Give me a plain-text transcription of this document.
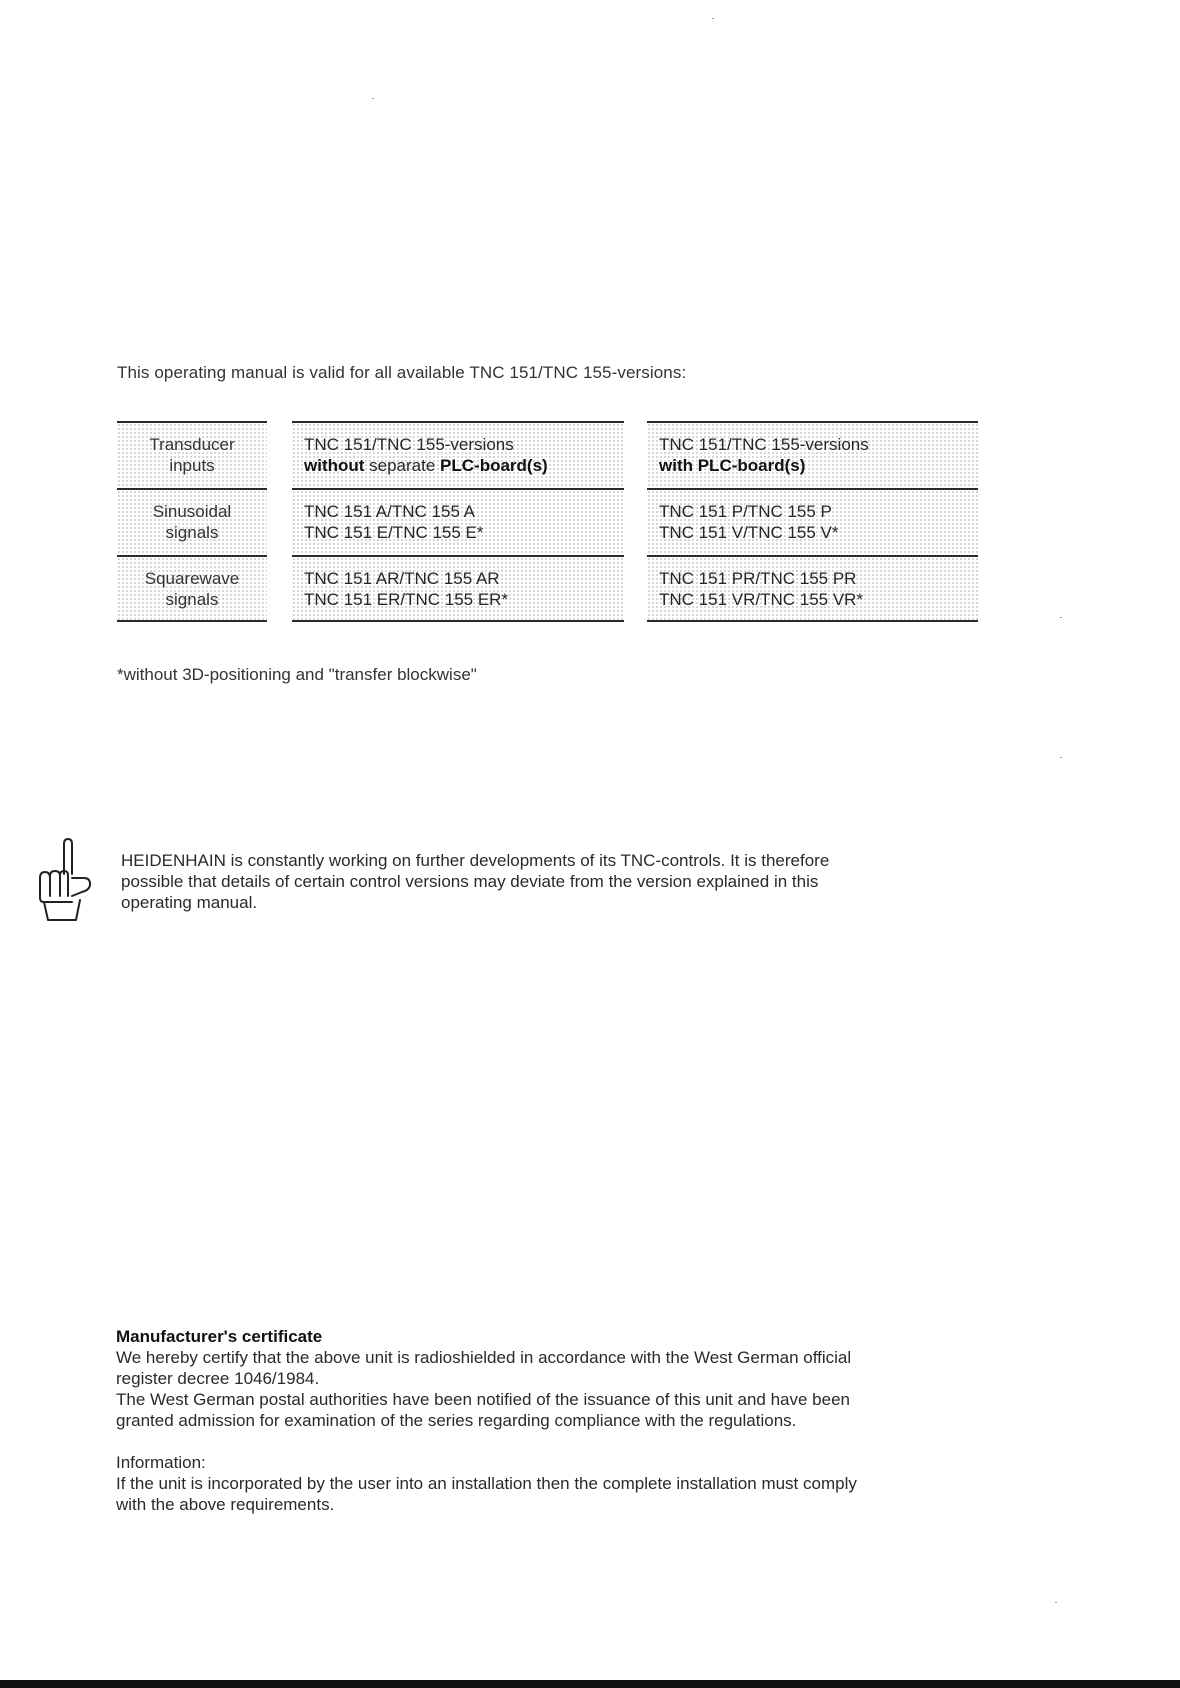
This operating manual is valid for all available TNC 151/TNC 155-versions:

Transducer
inputs
Sinusoidal
signals
Squarewave
signals
TNC 151/TNC 155-versions
without separate PLC-board(s)
TNC 151 A/TNC 155 A
TNC 151 E/TNC 155 E*
TNC 151 AR/TNC 155 AR
TNC 151 ER/TNC 155 ER*
TNC 151/TNC 155-versions
with PLC-board(s)
TNC 151 P/TNC 155 P
TNC 151 V/TNC 155 V*
TNC 151 PR/TNC 155 PR
TNC 151 VR/TNC 155 VR*

*without 3D-positioning and "transfer blockwise"

HEIDENHAIN is constantly working on further developments of its TNC-controls. It is therefore
possible that details of certain control versions may deviate from the version explained in this
operating manual.
Manufacturer's certificate
We hereby certify that the above unit is radioshielded in accordance with the West German official
register decree 1046/1984.
The West German postal authorities have been notified of the issuance of this unit and have been
granted admission for examination of the series regarding compliance with the regulations.
Information:
If the unit is incorporated by the user into an installation then the complete installation must comply
with the above requirements.
